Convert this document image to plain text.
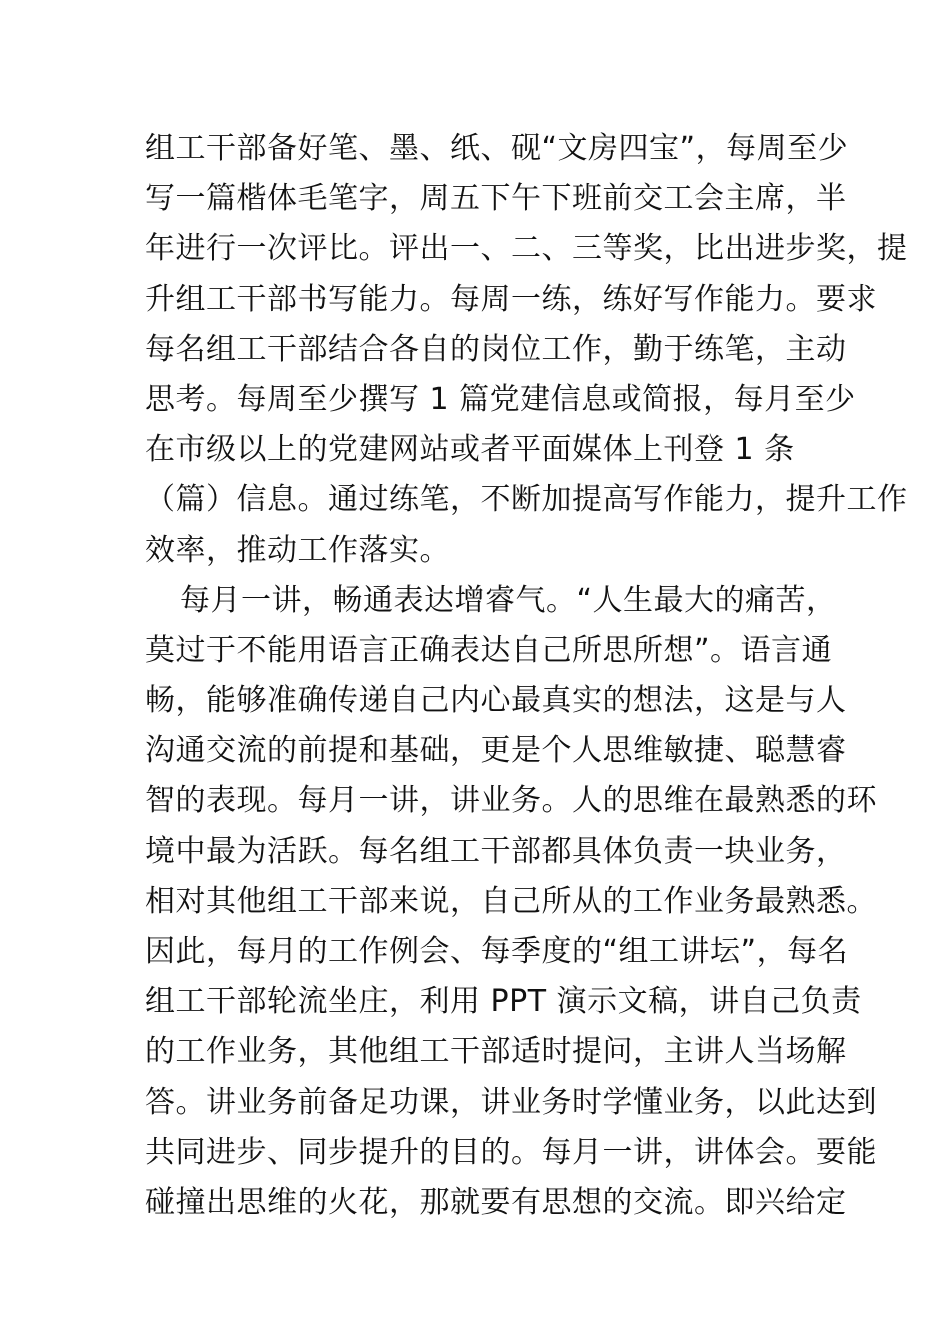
组工干部备好笔、墨、纸、砚“文房四宝”，每周至少
写一篇楷体毛笔字，周五下午下班前交工会主席，半
年进行一次评比。评出一、二、三等奖，比出进步奖，提
升组工干部书写能力。每周一练，练好写作能力。要求
每名组工干部结合各自的岗位工作，勤于练笔，主动
思考。每周至少撰写 1 篇党建信息或简报，每月至少
在市级以上的党建网站或者平面媒体上刊登 1 条
（篇）信息。通过练笔，不断加提高写作能力，提升工作
效率，推动工作落实。
每月一讲，畅通表达增睿气。“人生最大的痛苦，
莫过于不能用语言正确表达自己所思所想”。语言通
畅，能够准确传递自己内心最真实的想法，这是与人
沟通交流的前提和基础，更是个人思维敏捷、聪慧睿
智的表现。每月一讲，讲业务。人的思维在最熟悉的环
境中最为活跃。每名组工干部都具体负责一块业务，
相对其他组工干部来说，自己所从的工作业务最熟悉。
因此，每月的工作例会、每季度的“组工讲坛”，每名
组工干部轮流坐庄，利用 PPT 演示文稿，讲自己负责
的工作业务，其他组工干部适时提问，主讲人当场解
答。讲业务前备足功课，讲业务时学懂业务，以此达到
共同进步、同步提升的目的。每月一讲，讲体会。要能
碰撞出思维的火花，那就要有思想的交流。即兴给定
